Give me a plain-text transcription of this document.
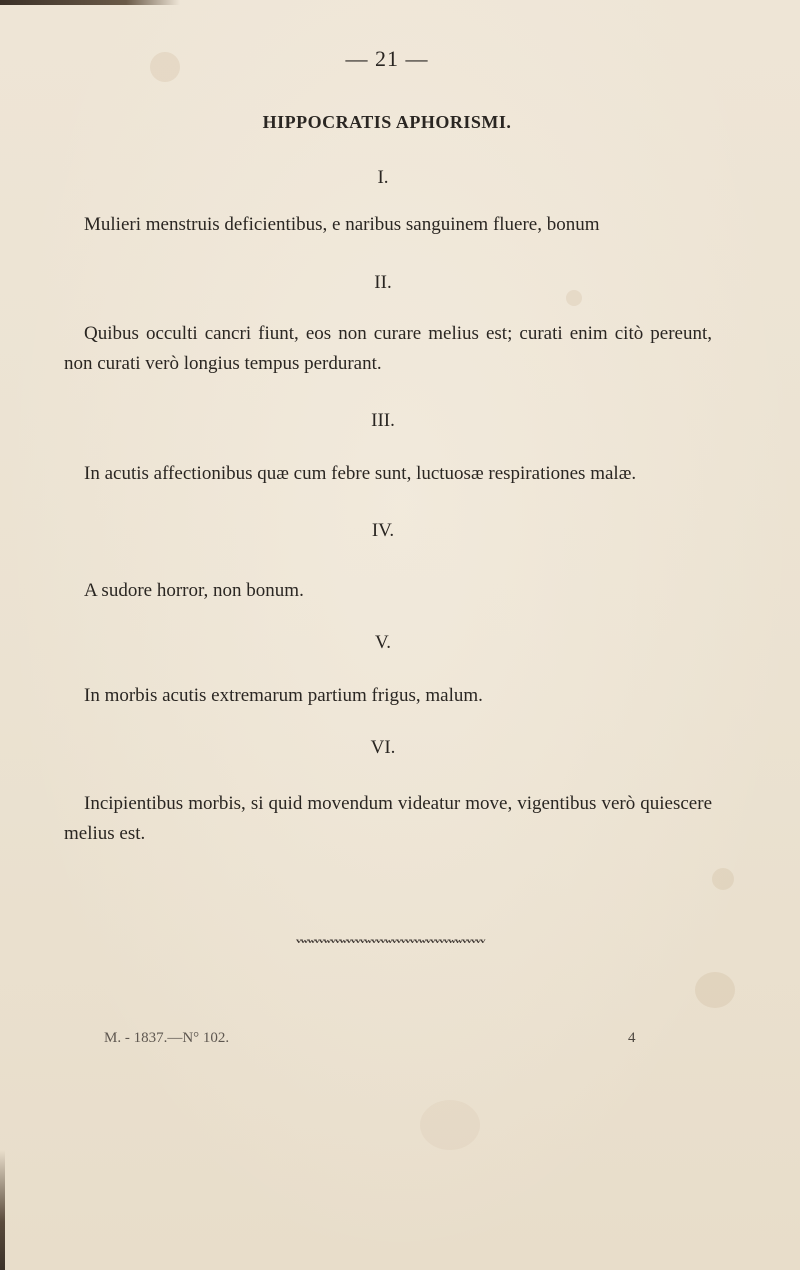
— 21 —
HIPPOCRATIS APHORISMI.
I.
Mulieri menstruis deficientibus, e naribus sanguinem fluere, bonum
II.
Quibus occulti cancri fiunt, eos non curare melius est; curati enim citò pereunt, non curati verò longius tempus perdurant.
III.
In acutis affectionibus quæ cum febre sunt, luctuosæ respirationes malæ.
IV.
A sudore horror, non bonum.
V.
In morbis acutis extremarum partium frigus, malum.
VI.
Incipientibus morbis, si quid movendum videatur move, vigentibus verò quiescere melius est.
vwwvvwvvwvvvvwvvvwvvvvvvwvvvvvwwvvvvv
M. - 1837.—N° 102.	4
